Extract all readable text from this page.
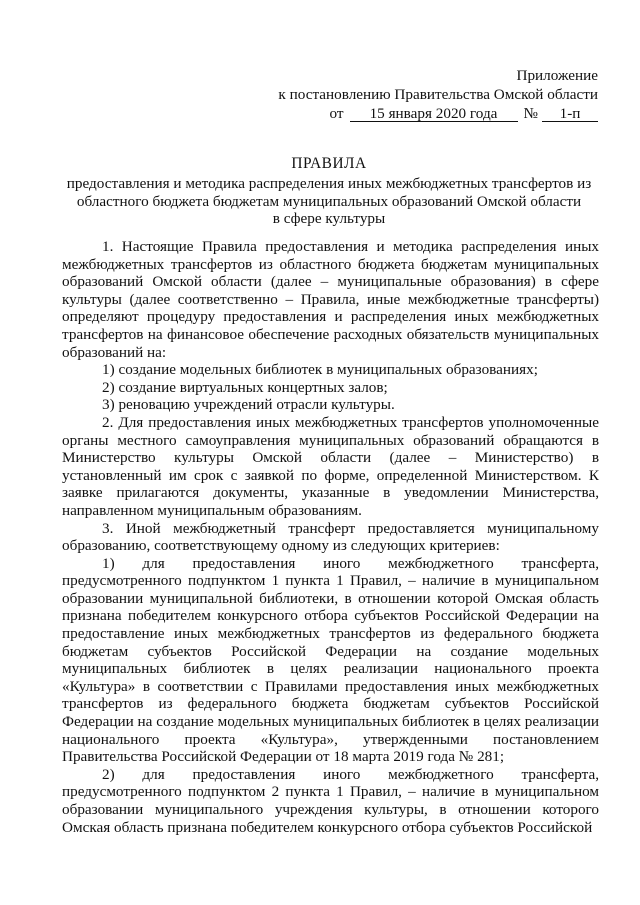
Приложение
к постановлению Правительства Омской области
от	15 января 2020 года	№	1-п
ПРАВИЛА
предоставления и методика распределения иных межбюджетных трансфертов из
областного бюджета бюджетам муниципальных образований Омской области
в сфере культуры

1. Настоящие Правила предоставления и методика распределения иных межбюджетных трансфертов из областного бюджета бюджетам муниципальных образований Омской области (далее – муниципальные образования) в сфере культуры (далее соответственно – Правила, иные межбюджетные трансферты) определяют процедуру предоставления и распределения иных межбюджетных трансфертов на финансовое обеспечение расходных обязательств муниципальных образований на:

1) создание модельных библиотек в муниципальных образованиях;

2) создание виртуальных концертных залов;

3) реновацию учреждений отрасли культуры.

2. Для предоставления иных межбюджетных трансфертов уполномоченные органы местного самоуправления муниципальных образований обращаются в Министерство культуры Омской области (далее – Министерство) в установленный им срок с заявкой по форме, определенной Министерством. К заявке прилагаются документы, указанные в уведомлении Министерства, направленном муниципальным образованиям.

3. Иной межбюджетный трансферт предоставляется муниципальному образованию, соответствующему одному из следующих критериев:

1) для предоставления иного межбюджетного трансферта, предусмотренного подпунктом 1 пункта 1 Правил, – наличие в муниципальном образовании муниципальной библиотеки, в отношении которой Омская область признана победителем конкурсного отбора субъектов Российской Федерации на предоставление иных межбюджетных трансфертов из федерального бюджета бюджетам субъектов Российской Федерации на создание модельных муниципальных библиотек в целях реализации национального проекта «Культура» в соответствии с Правилами предоставления иных межбюджетных трансфертов из федерального бюджета бюджетам субъектов Российской Федерации на создание модельных муниципальных библиотек в целях реализации национального проекта «Культура», утвержденными постановлением Правительства Российской Федерации от 18 марта 2019 года № 281;

2) для предоставления иного межбюджетного трансферта, предусмотренного подпунктом 2 пункта 1 Правил, – наличие в муниципальном образовании муниципального учреждения культуры, в отношении которого Омская область признана победителем конкурсного отбора субъектов Российской
